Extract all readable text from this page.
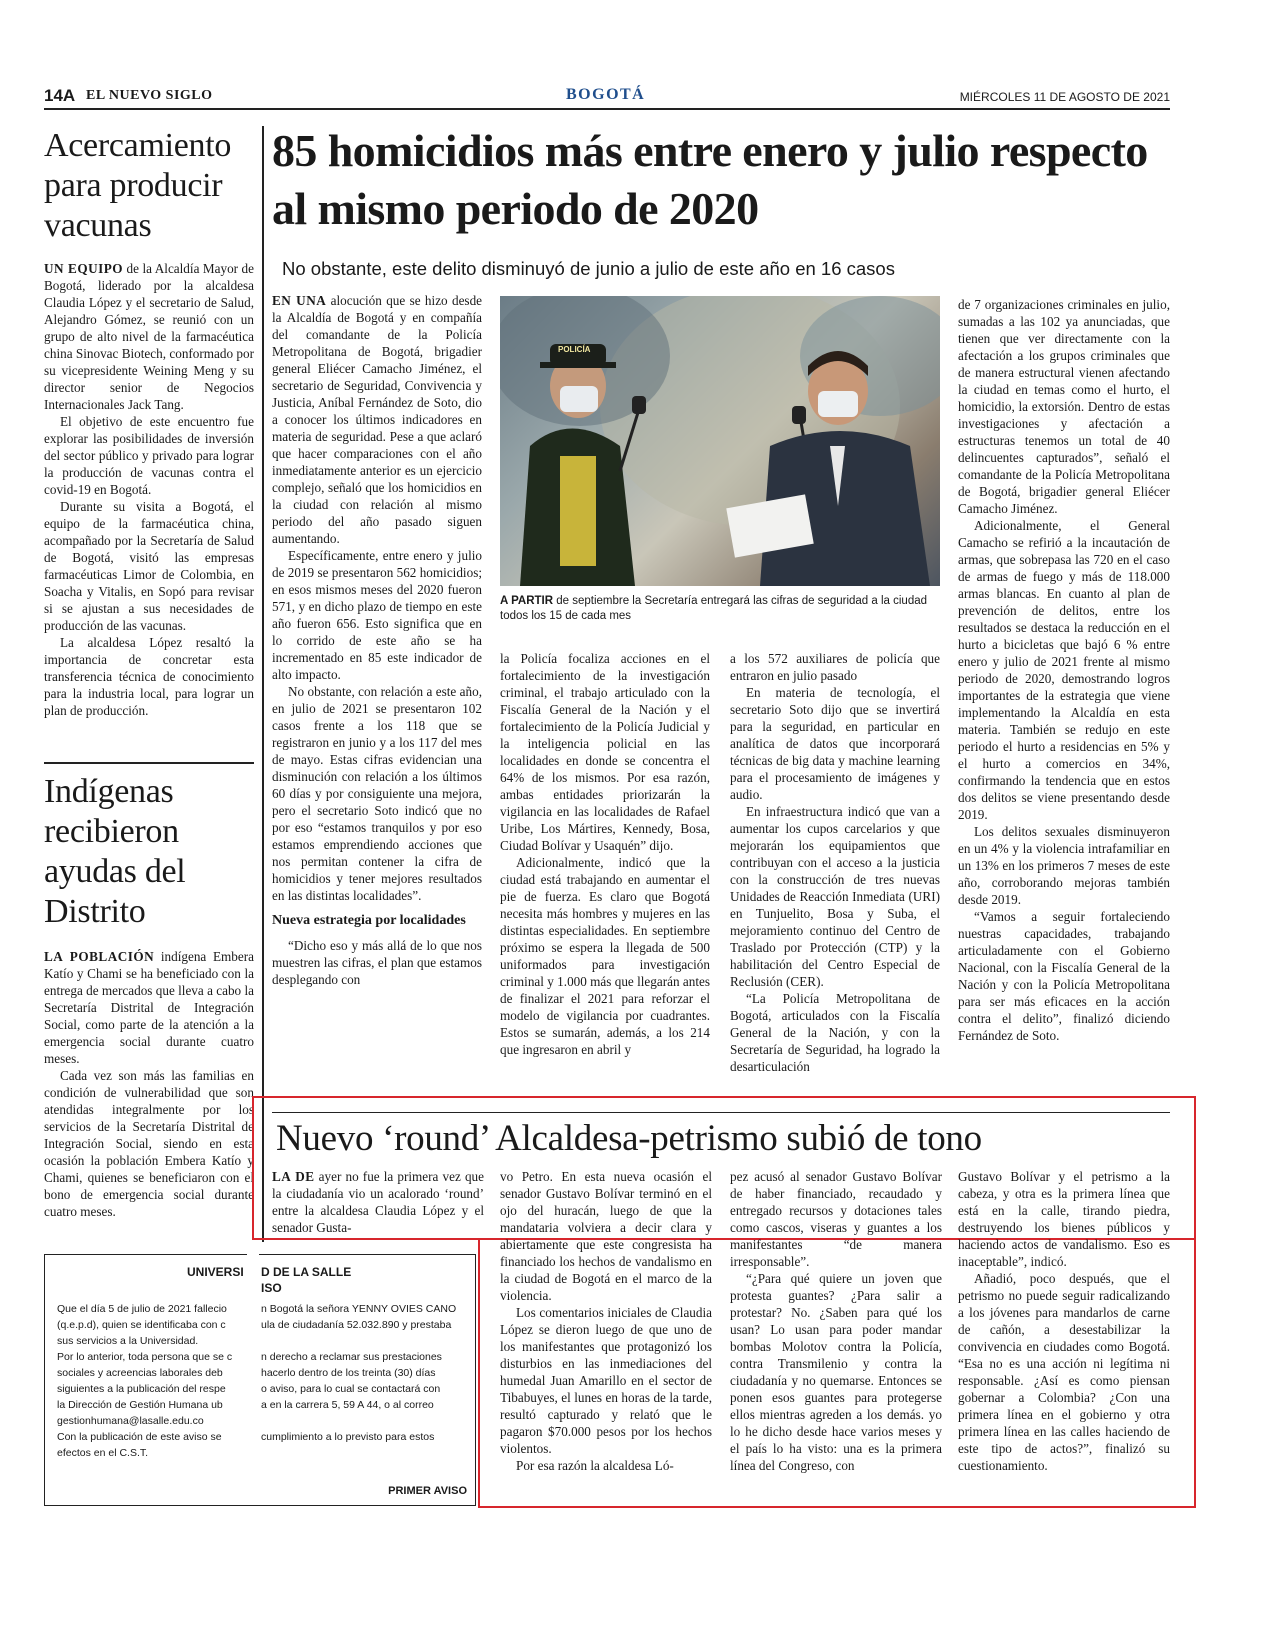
14A EL NUEVO SIGLO	BOGOTÁ	MIÉRCOLES 11 DE AGOSTO DE 2021
Acercamiento para producir vacunas

UN EQUIPO de la Alcaldía Mayor de Bogotá, liderado por la alcaldesa Claudia López y el secretario de Salud, Alejandro Gómez, se reunió con un grupo de alto nivel de la farmacéutica china Sinovac Biotech, conformado por su vicepresidente Weining Meng y su director senior de Negocios Internacionales Jack Tang.

El objetivo de este encuentro fue explorar las posibilidades de inversión del sector público y privado para lograr la producción de vacunas contra el covid-19 en Bogotá.

Durante su visita a Bogotá, el equipo de la farmacéutica china, acompañado por la Secretaría de Salud de Bogotá, visitó las empresas farmacéuticas Limor de Colombia, en Soacha y Vitalis, en Sopó para revisar si se ajustan a sus necesidades de producción de las vacunas.

La alcaldesa López resaltó la importancia de concretar esta transferencia técnica de conocimiento para la industria local, para lograr un plan de producción.

Indígenas recibieron ayudas del Distrito

LA POBLACIÓN indígena Embera Katío y Chami se ha beneficiado con la entrega de mercados que lleva a cabo la Secretaría Distrital de Integración Social, como parte de la atención a la emergencia social durante cuatro meses.

Cada vez son más las familias en condición de vulnerabilidad que son atendidas integralmente por los servicios de la Secretaría Distrital de Integración Social, siendo en esta ocasión la población Embera Katío y Chami, quienes se beneficiaron con el bono de emergencia social durante cuatro meses.

85 homicidios más entre enero y julio respecto al mismo periodo de 2020
No obstante, este delito disminuyó de junio a julio de este año en 16 casos

EN UNA alocución que se hizo desde la Alcaldía de Bogotá y en compañía del comandante de la Policía Metropolitana de Bogotá, brigadier general Eliécer Camacho Jiménez, el secretario de Seguridad, Convivencia y Justicia, Aníbal Fernández de Soto, dio a conocer los últimos indicadores en materia de seguridad. Pese a que aclaró que hacer comparaciones con el año inmediatamente anterior es un ejercicio complejo, señaló que los homicidios en la ciudad con relación al mismo periodo del año pasado siguen aumentando.

Específicamente, entre enero y julio de 2019 se presentaron 562 homicidios; en esos mismos meses del 2020 fueron 571, y en dicho plazo de tiempo en este año fueron 656. Esto significa que en lo corrido de este año se ha incrementado en 85 este indicador de alto impacto.

No obstante, con relación a este año, en julio de 2021 se presentaron 102 casos frente a los 118 que se registraron en junio y a los 117 del mes de mayo. Estas cifras evidencian una disminución con relación a los últimos 60 días y por consiguiente una mejora, pero el secretario Soto indicó que no por eso “estamos tranquilos y por eso estamos emprendiendo acciones que nos permitan contener la cifra de homicidios y tener mejores resultados en las distintas localidades”.

Nueva estrategia por localidades

“Dicho eso y más allá de lo que nos muestren las cifras, el plan que estamos desplegando con

POLICÍA
A PARTIR de septiembre la Secretaría entregará las cifras de seguridad a la ciudad todos los 15 de cada mes

la Policía focaliza acciones en el fortalecimiento de la investigación criminal, el trabajo articulado con la Fiscalía General de la Nación y el fortalecimiento de la Policía Judicial y la inteligencia policial en las localidades en donde se concentra el 64% de los mismos. Por esa razón, ambas entidades priorizarán la vigilancia en las localidades de Rafael Uribe, Los Mártires, Kennedy, Bosa, Ciudad Bolívar y Usaquén” dijo.

Adicionalmente, indicó que la ciudad está trabajando en aumentar el pie de fuerza. Es claro que Bogotá necesita más hombres y mujeres en las distintas especialidades. En septiembre próximo se espera la llegada de 500 uniformados para investigación criminal y 1.000 más que llegarán antes de finalizar el 2021 para reforzar el modelo de vigilancia por cuadrantes. Estos se sumarán, además, a los 214 que ingresaron en abril y

a los 572 auxiliares de policía que entraron en julio pasado

En materia de tecnología, el secretario Soto dijo que se invertirá para la seguridad, en particular en analítica de datos que incorporará técnicas de big data y machine learning para el procesamiento de imágenes y audio.

En infraestructura indicó que van a aumentar los cupos carcelarios y que mejorarán los equipamientos que contribuyan con el acceso a la justicia con la construcción de tres nuevas Unidades de Reacción Inmediata (URI) en Tunjuelito, Bosa y Suba, el mejoramiento continuo del Centro de Traslado por Protección (CTP) y la habilitación del Centro Especial de Reclusión (CER).

“La Policía Metropolitana de Bogotá, articulados con la Fiscalía General de la Nación, y con la Secretaría de Seguridad, ha logrado la desarticulación

de 7 organizaciones criminales en julio, sumadas a las 102 ya anunciadas, que tienen que ver directamente con la afectación a los grupos criminales que de manera estructural vienen afectando la ciudad en temas como el hurto, el homicidio, la extorsión. Dentro de estas investigaciones y afectación a estructuras tenemos un total de 40 delincuentes capturados”, señaló el comandante de la Policía Metropolitana de Bogotá, brigadier general Eliécer Camacho Jiménez.

Adicionalmente, el General Camacho se refirió a la incautación de armas, que sobrepasa las 720 en el caso de armas de fuego y más de 118.000 armas blancas. En cuanto al plan de prevención de delitos, entre los resultados se destaca la reducción en el hurto a bicicletas que bajó 6 % entre enero y julio de 2021 frente al mismo periodo de 2020, demostrando logros importantes de la estrategia que viene implementando la Alcaldía en esta materia. También se redujo en este periodo el hurto a residencias en 5% y el hurto a comercios en 34%, confirmando la tendencia que en estos dos delitos se viene presentando desde 2019.

Los delitos sexuales disminuyeron en un 4% y la violencia intrafamiliar en un 13% en los primeros 7 meses de este año, corroborando mejoras también desde 2019.

“Vamos a seguir fortaleciendo nuestras capacidades, trabajando articuladamente con el Gobierno Nacional, con la Fiscalía General de la Nación y con la Policía Metropolitana para ser más eficaces en la acción contra el delito”, finalizó diciendo Fernández de Soto.

Nuevo ‘round’ Alcaldesa-petrismo subió de tono

LA DE ayer no fue la primera vez que la ciudadanía vio un acalorado ‘round’ entre la alcaldesa Claudia López y el senador Gusta-

vo Petro. En esta nueva ocasión el senador Gustavo Bolívar terminó en el ojo del huracán, luego de que la mandataria volviera a decir clara y abiertamente que este congresista ha financiado los hechos de vandalismo en la ciudad de Bogotá en el marco de la violencia.

Los comentarios iniciales de Claudia López se dieron luego de que uno de los manifestantes que protagonizó los disturbios en las inmediaciones del humedal Juan Amarillo en el sector de Tibabuyes, el lunes en horas de la tarde, resultó capturado y relató que le pagaron $70.000 pesos por los hechos violentos.

Por esa razón la alcaldesa Ló-

pez acusó al senador Gustavo Bolívar de haber financiado, recaudado y entregado recursos y dotaciones tales como cascos, viseras y guantes a los manifestantes “de manera irresponsable”.

“¿Para qué quiere un joven que protesta guantes? ¿Para salir a protestar? No. ¿Saben para qué los usan? Lo usan para poder mandar bombas Molotov contra la Policía, contra Transmilenio y contra la ciudadanía y no quemarse. Entonces se ponen esos guantes para protegerse ellos mientras agreden a los demás. yo lo he dicho desde hace varios meses y el país lo ha visto: una es la primera línea del Congreso, con

Gustavo Bolívar y el petrismo a la cabeza, y otra es la primera línea que está en la calle, tirando piedra, destruyendo los bienes públicos y haciendo actos de vandalismo. Eso es inaceptable”, indicó.

Añadió, poco después, que el petrismo no puede seguir radicalizando a los jóvenes para mandarlos de carne de cañón, a desestabilizar la convivencia en ciudades como Bogotá. “Esa no es una acción ni legítima ni responsable. ¿Así es como piensan gobernar a Colombia? ¿Con una primera línea en el gobierno y otra primera línea en las calles haciendo de este tipo de actos?”, finalizó su cuestionamiento.

UNIVERSI D DE LA SALLE
ISO
Que el día 5 de julio de 2021 fallecio
(q.e.p.d), quien se identificaba con c
sus servicios a la Universidad.
Por lo anterior, toda persona que se c
sociales y acreencias laborales deb
siguientes a la publicación del respe
la Dirección de Gestión Humana ub
gestionhumana@lasalle.edu.co
Con la publicación de este aviso se
efectos en el C.S.T.
n Bogotá la señora YENNY OVIES CANO
ula de ciudadanía 52.032.890 y prestaba
n derecho a reclamar sus prestaciones
hacerlo dentro de los treinta (30) días
o aviso, para lo cual se contactará con
a en la carrera 5, 59 A 44, o al correo
cumplimiento a lo previsto para estos
PRIMER AVISO
